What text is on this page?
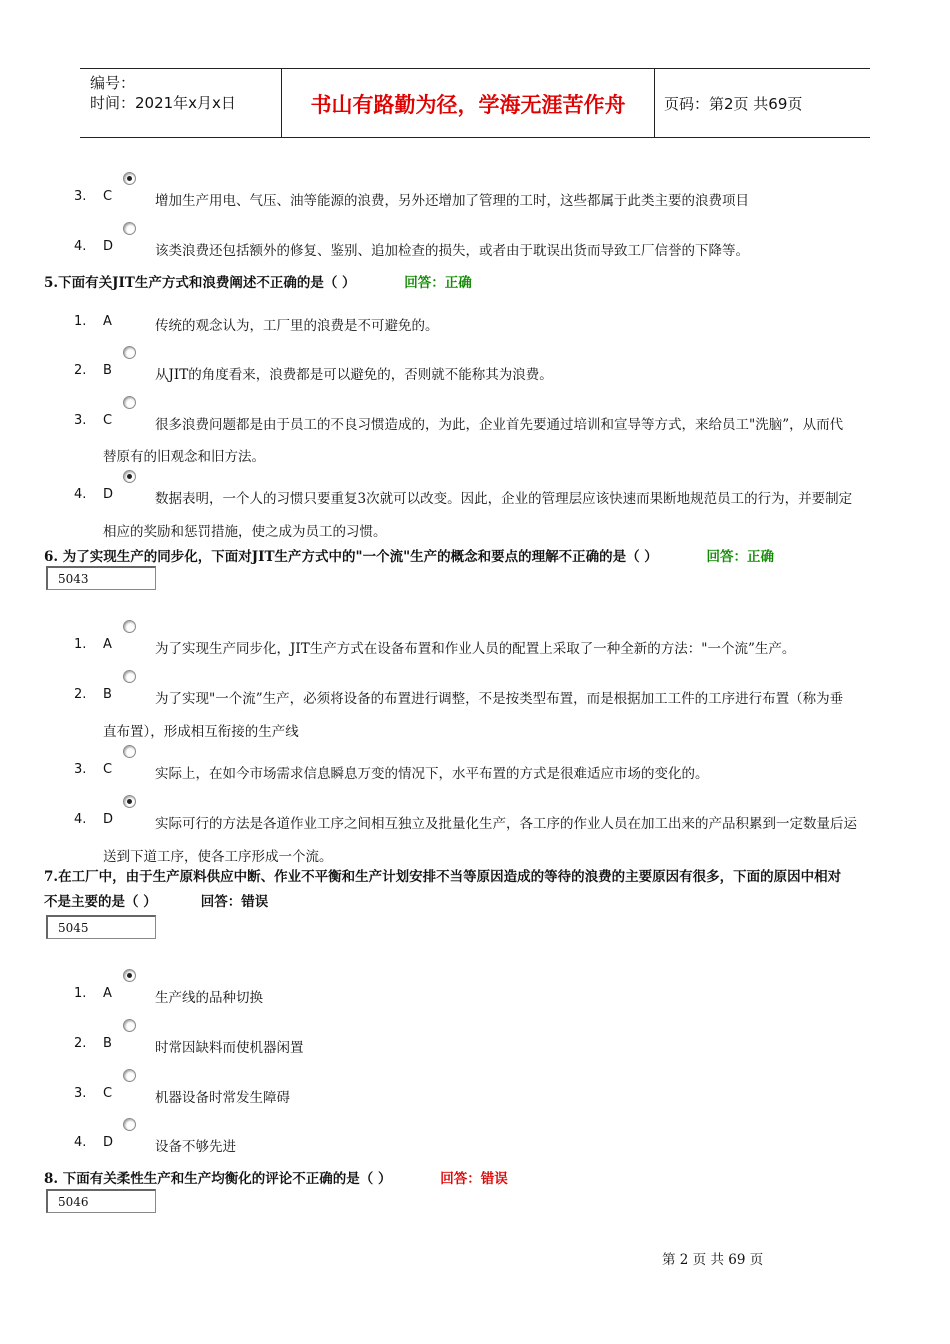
编号：
时间：2021年x月x日	书山有路勤为径，学海无涯苦作舟	页码：第2页 共69页
3. C	增加生产用电、气压、油等能源的浪费，另外还增加了管理的工时，这些都属于此类主要的浪费项目
4. D	该类浪费还包括额外的修复、鉴别、追加检查的损失，或者由于耽误出货而导致工厂信誉的下降等。
5.下面有关JIT生产方式和浪费阐述不正确的是（ ）	回答：正确
1. A	传统的观念认为，工厂里的浪费是不可避免的。
2. B	从JIT的角度看来，浪费都是可以避免的，否则就不能称其为浪费。
3. C	很多浪费问题都是由于员工的不良习惯造成的，为此，企业首先要通过培训和宣导等方式，来给员工"洗脑”，从而代
替原有的旧观念和旧方法。
4. D	数据表明，一个人的习惯只要重复3次就可以改变。因此，企业的管理层应该快速而果断地规范员工的行为，并要制定
相应的奖励和惩罚措施，使之成为员工的习惯。
6. 为了实现生产的同步化，下面对JIT生产方式中的"一个流"生产的概念和要点的理解不正确的是（ ）	回答：正确
5043
1. A	为了实现生产同步化，JIT生产方式在设备布置和作业人员的配置上采取了一种全新的方法："一个流”生产。
2. B	为了实现"一个流”生产，必须将设备的布置进行调整，不是按类型布置，而是根据加工工件的工序进行布置（称为垂
直布置），形成相互衔接的生产线
3. C	实际上，在如今市场需求信息瞬息万变的情况下，水平布置的方式是很难适应市场的变化的。
4. D	实际可行的方法是各道作业工序之间相互独立及批量化生产，各工序的作业人员在加工出来的产品积累到一定数量后运
送到下道工序，使各工序形成一个流。
7.在工厂中，由于生产原料供应中断、作业不平衡和生产计划安排不当等原因造成的等待的浪费的主要原因有很多，下面的原因中相对
不是主要的是（ ）	回答：错误
5045
1. A	生产线的品种切换
2. B	时常因缺料而使机器闲置
3. C	机器设备时常发生障碍
4. D	设备不够先进
8. 下面有关柔性生产和生产均衡化的评论不正确的是（ ）	回答：错误
5046
第 2 页 共 69 页
